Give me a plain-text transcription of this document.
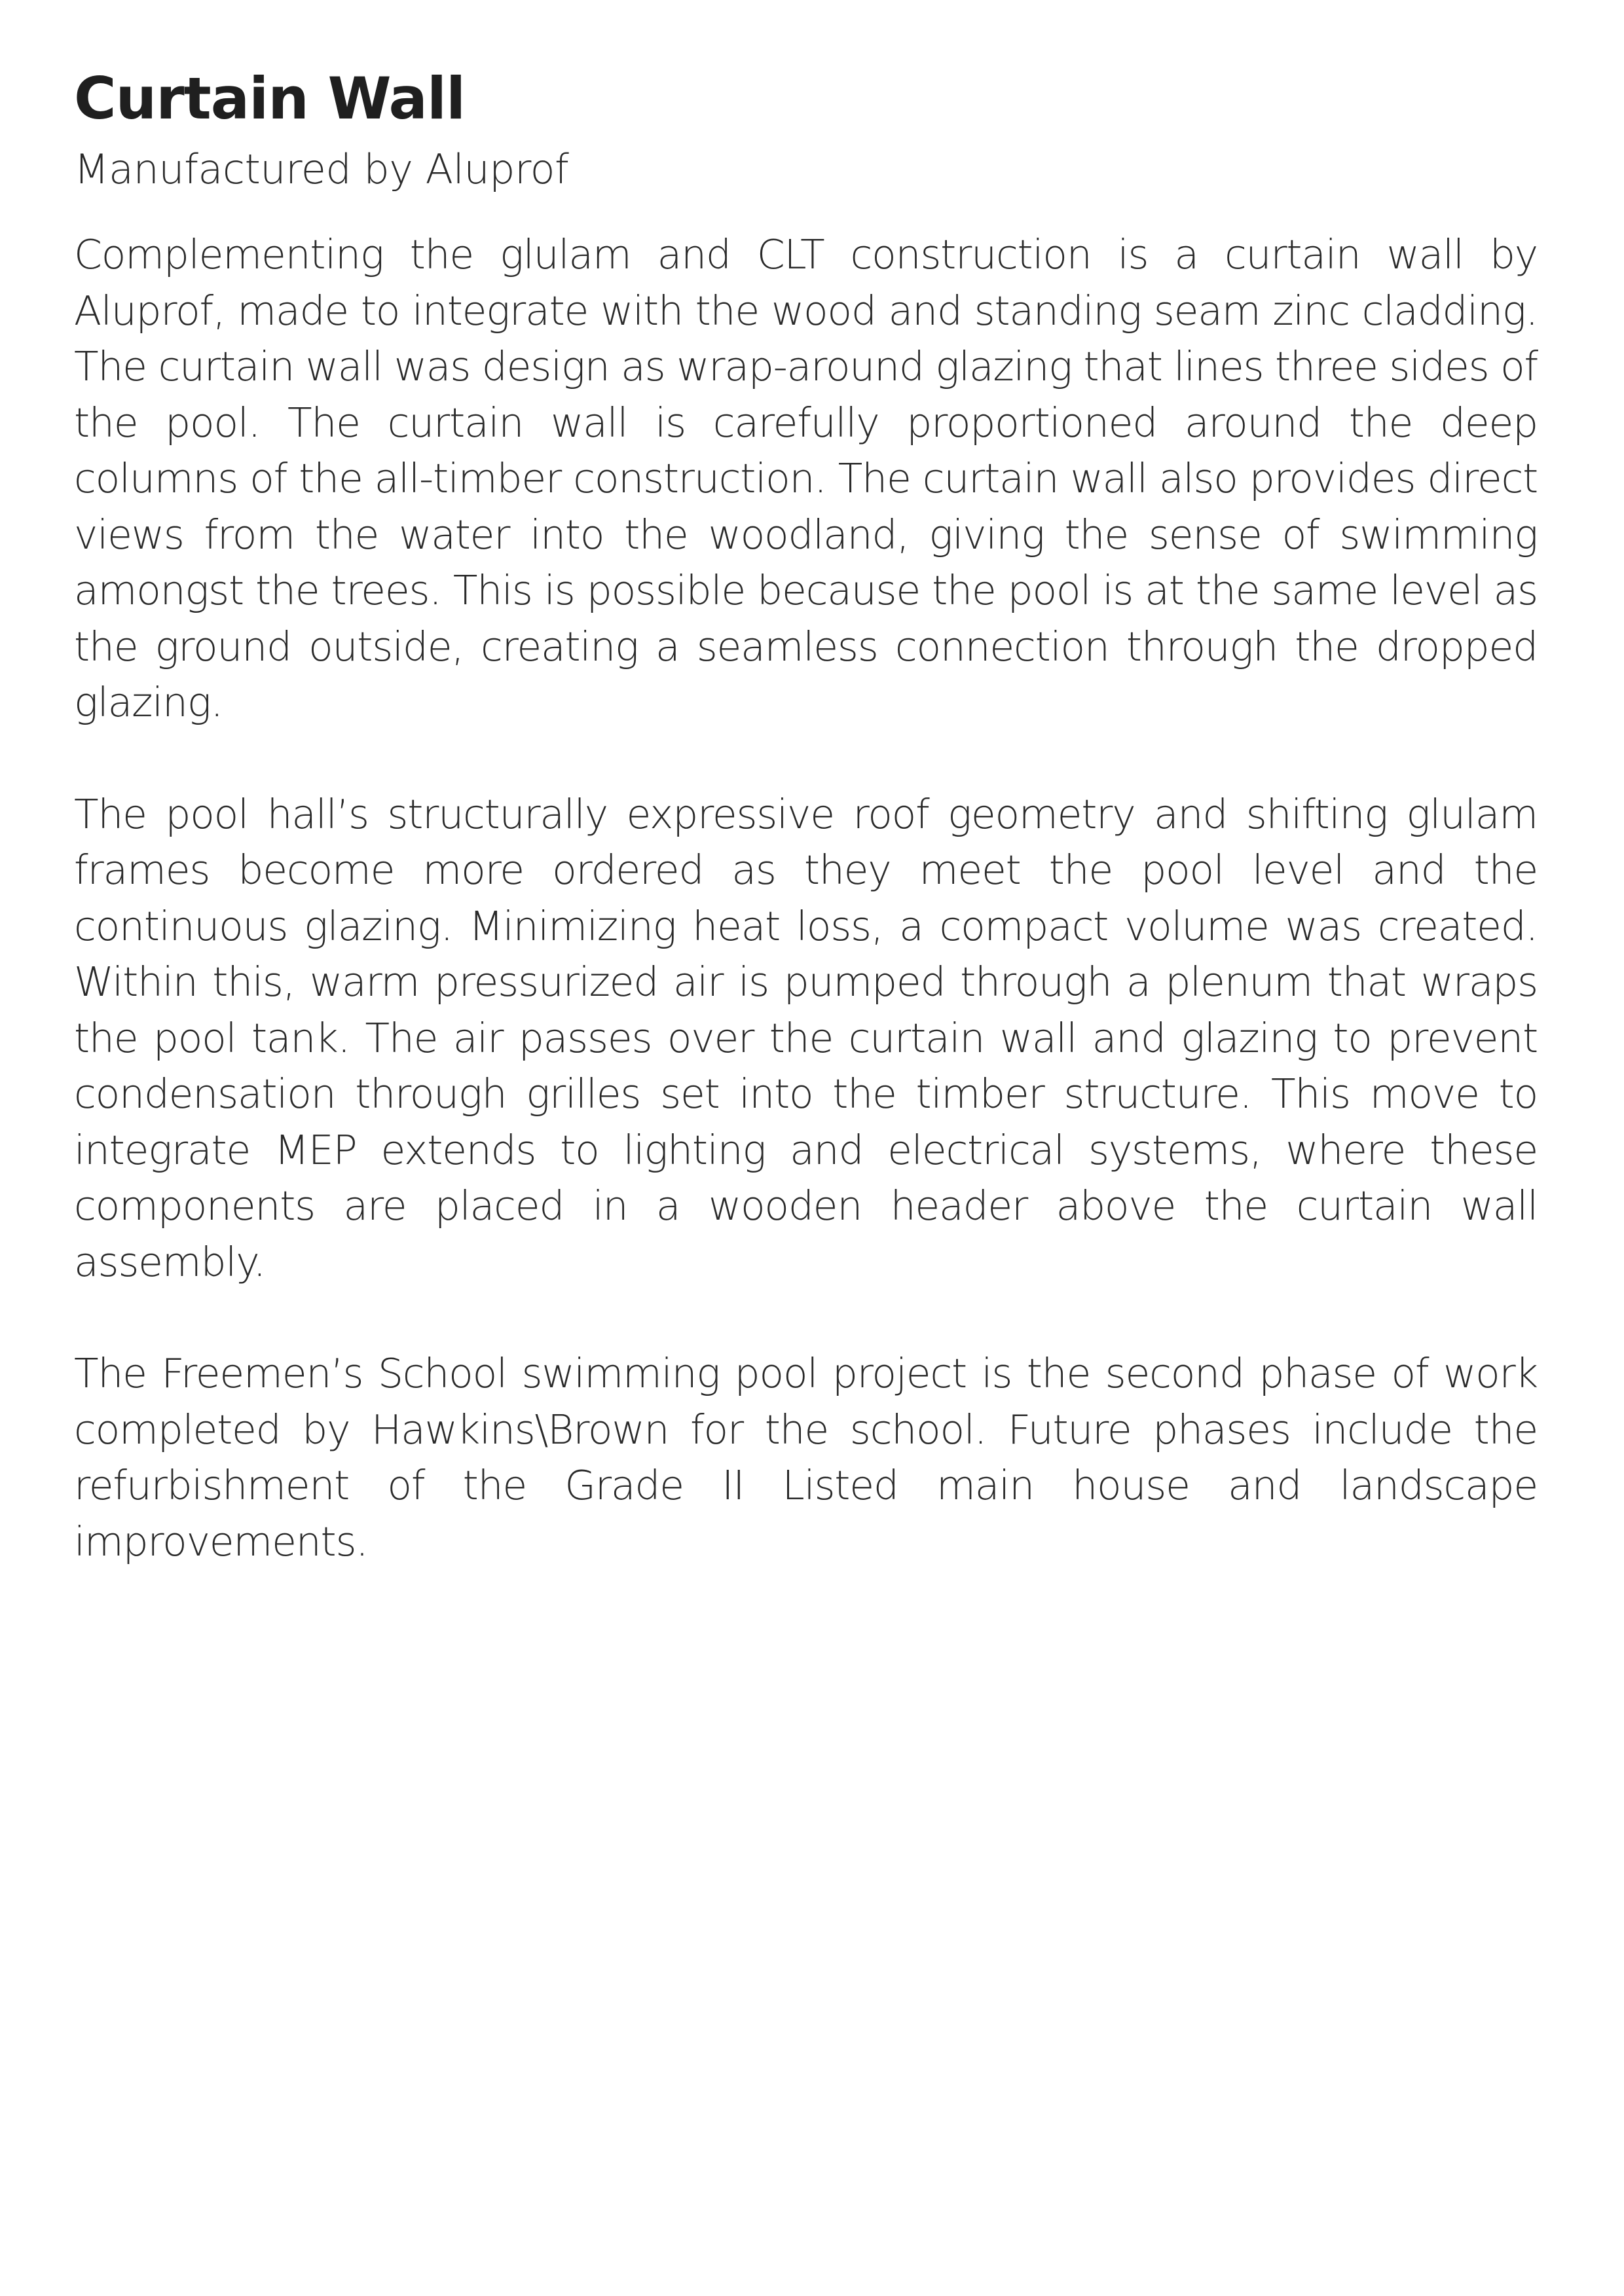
Curtain Wall
Manufactured by Aluprof

Complementing the glulam and CLT construction is a curtain wall by Aluprof, made to integrate with the wood and standing seam zinc cladding. The curtain wall was design as wrap-around glazing that lines three sides of the pool. The curtain wall is carefully proportioned around the deep columns of the all-timber construction. The curtain wall also provides direct views from the water into the woodland, giving the sense of swimming amongst the trees. This is possible because the pool is at the same level as the ground outside, creating a seamless connection through the dropped glazing.

The pool hall’s structurally expressive roof geometry and shifting glulam frames become more ordered as they meet the pool level and the continuous glazing. Minimizing heat loss, a compact volume was created. Within this, warm pressurized air is pumped through a plenum that wraps the pool tank. The air passes over the curtain wall and glazing to prevent condensation through grilles set into the timber structure. This move to integrate MEP extends to lighting and electrical systems, where these components are placed in a wooden header above the curtain wall assembly.

The Freemen’s School swimming pool project is the second phase of work completed by Hawkins\Brown for the school. Future phases include the refurbishment of the Grade II Listed main house and landscape improvements.
